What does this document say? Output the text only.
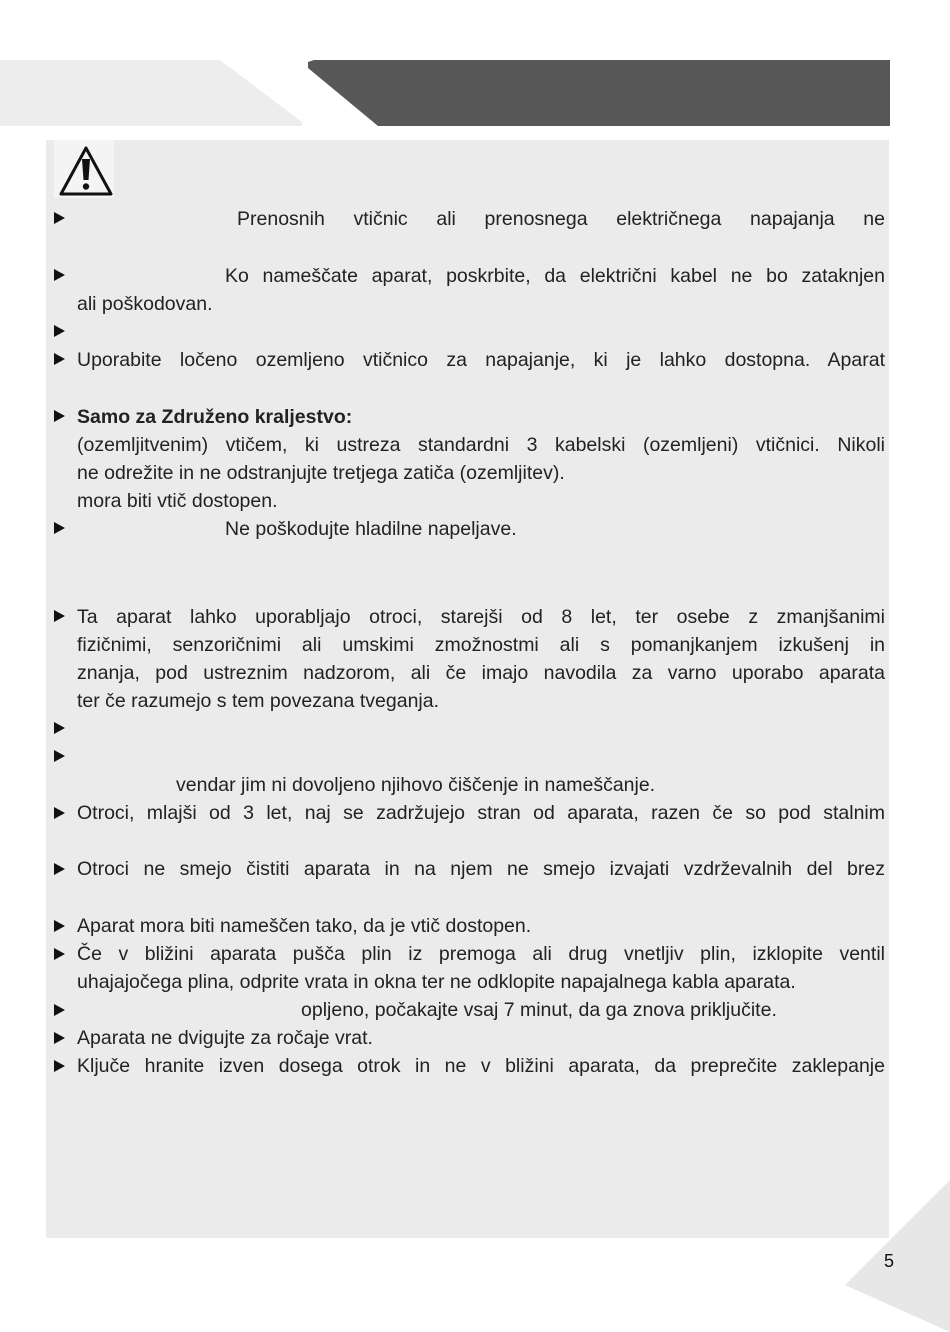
Prenosnih vtičnic ali prenosnega električnega napajanja ne
Ko nameščate aparat, poskrbite, da električni kabel ne bo zataknjen
ali poškodovan.
Uporabite ločeno ozemljeno vtičnico za napajanje, ki je lahko dostopna. Aparat
Samo za Združeno kraljestvo:
(ozemljitvenim) vtičem, ki ustreza standardni 3 kabelski (ozemljeni) vtičnici. Nikoli
ne odrežite in ne odstranjujte tretjega zatiča (ozemljitev).
mora biti vtič dostopen.
Ne poškodujte hladilne napeljave.
Ta aparat lahko uporabljajo otroci, starejši od 8 let, ter osebe z zmanjšanimi
fizičnimi, senzoričnimi ali umskimi zmožnostmi ali s pomanjkanjem izkušenj in
znanja, pod ustreznim nadzorom, ali če imajo navodila za varno uporabo aparata
ter če razumejo s tem povezana tveganja.
vendar jim ni dovoljeno njihovo čiščenje in nameščanje.
Otroci, mlajši od 3 let, naj se zadržujejo stran od aparata, razen če so pod stalnim
Otroci ne smejo čistiti aparata in na njem ne smejo izvajati vzdrževalnih del brez
Aparat mora biti nameščen tako, da je vtič dostopen.
Če v bližini aparata pušča plin iz premoga ali drug vnetljiv plin, izklopite ventil
uhajajočega plina, odprite vrata in okna ter ne odklopite napajalnega kabla aparata.
opljeno, počakajte vsaj 7 minut, da ga znova priključite.
Aparata ne dvigujte za ročaje vrat.
Ključe hranite izven dosega otrok in ne v bližini aparata, da preprečite zaklepanje
5
